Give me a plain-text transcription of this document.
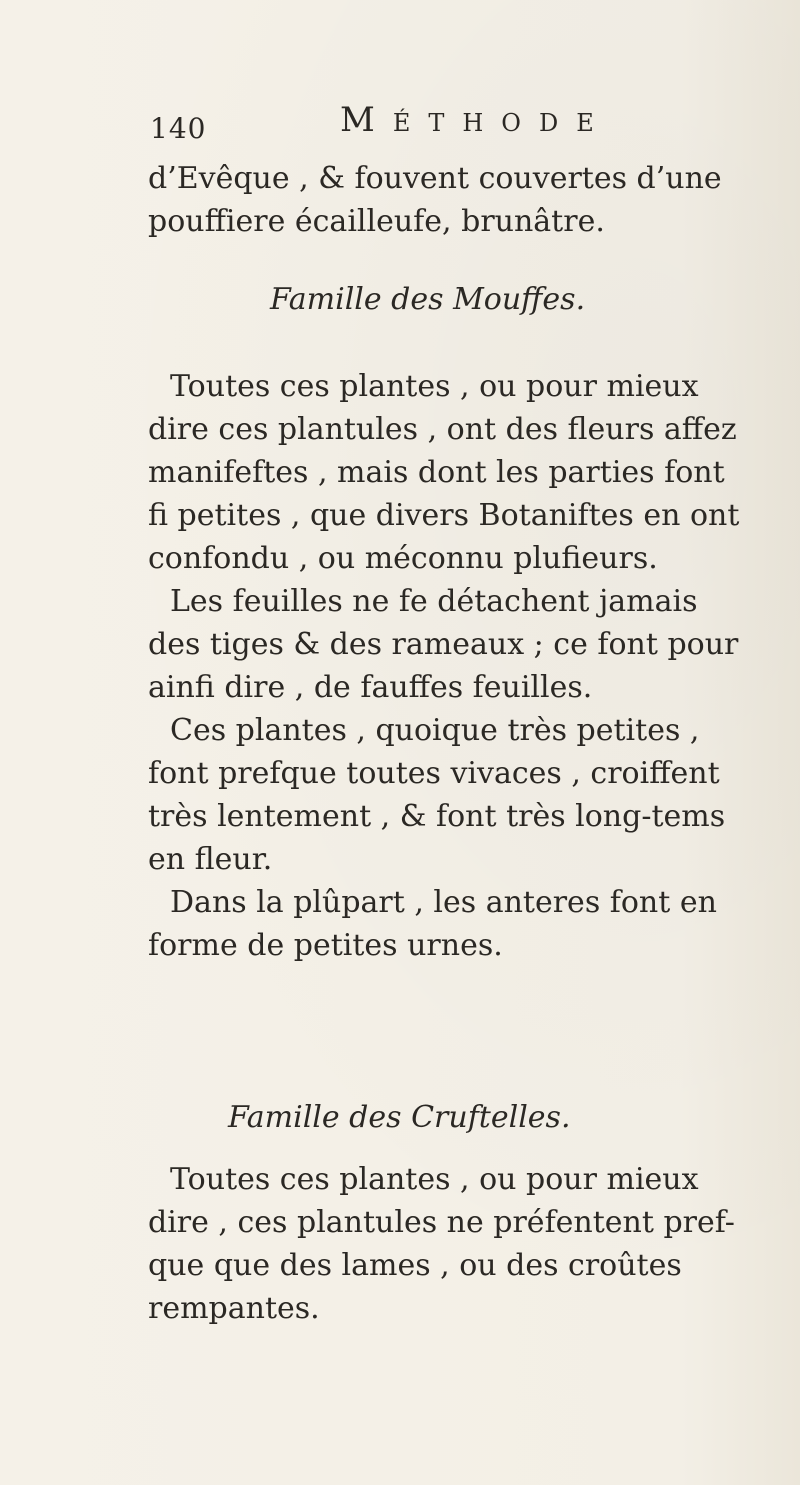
140	Méthode
d’Evêque , & fouvent couvertes d’une
pouffiere écailleufe, brunâtre.
Famille des Mouffes.
Toutes ces plantes , ou pour mieux
dire ces plantules , ont des fleurs affez
manifeftes , mais dont les parties font
fi petites , que divers Botaniftes en ont
confondu , ou méconnu plufieurs.
Les feuilles ne fe détachent jamais
des tiges & des rameaux ; ce font pour
ainfi dire , de fauffes feuilles.
Ces plantes , quoique très petites ,
font prefque toutes vivaces , croiffent
très lentement , & font très long-tems
en fleur.
Dans la plûpart , les anteres font en
forme de petites urnes.
Famille des Cruftelles.
Toutes ces plantes , ou pour mieux
dire , ces plantules ne préfentent pref-
que que des lames , ou des croûtes
rempantes.
